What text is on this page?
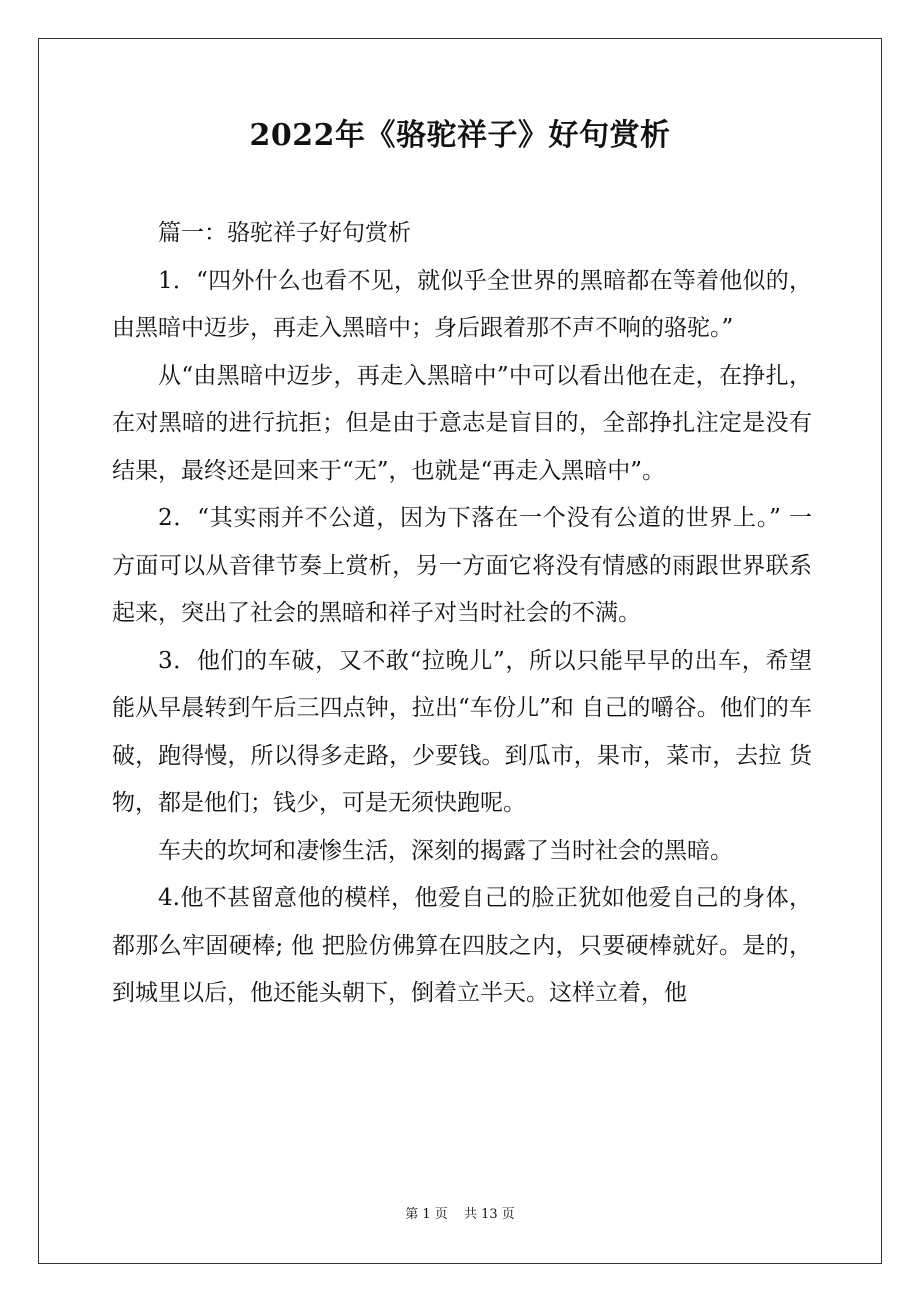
2022年《骆驼祥子》好句赏析

篇一：骆驼祥子好句赏析

1．“四外什么也看不见，就似乎全世界的黑暗都在等着他似的，由黑暗中迈步，再走入黑暗中；身后跟着那不声不响的骆驼。”

从“由黑暗中迈步，再走入黑暗中”中可以看出他在走，在挣扎，在对黑暗的进行抗拒；但是由于意志是盲目的，全部挣扎注定是没有结果，最终还是回来于“无”，也就是“再走入黑暗中”。

2．“其实雨并不公道，因为下落在一个没有公道的世界上。” 一方面可以从音律节奏上赏析，另一方面它将没有情感的雨跟世界联系起来，突出了社会的黑暗和祥子对当时社会的不满。

3．他们的车破，又不敢“拉晚儿”，所以只能早早的出车，希望能从早晨转到午后三四点钟，拉出“车份儿”和 自己的嚼谷。他们的车破，跑得慢，所以得多走路，少要钱。到瓜市，果市，菜市，去拉 货物，都是他们；钱少，可是无须快跑呢。

车夫的坎坷和凄惨生活，深刻的揭露了当时社会的黑暗。

4.他不甚留意他的模样，他爱自己的脸正犹如他爱自己的身体，都那么牢固硬棒; 他 把脸仿佛算在四肢之内，只要硬棒就好。是的，到城里以后，他还能头朝下，倒着立半天。这样立着，他

第 1 页 共 13 页
